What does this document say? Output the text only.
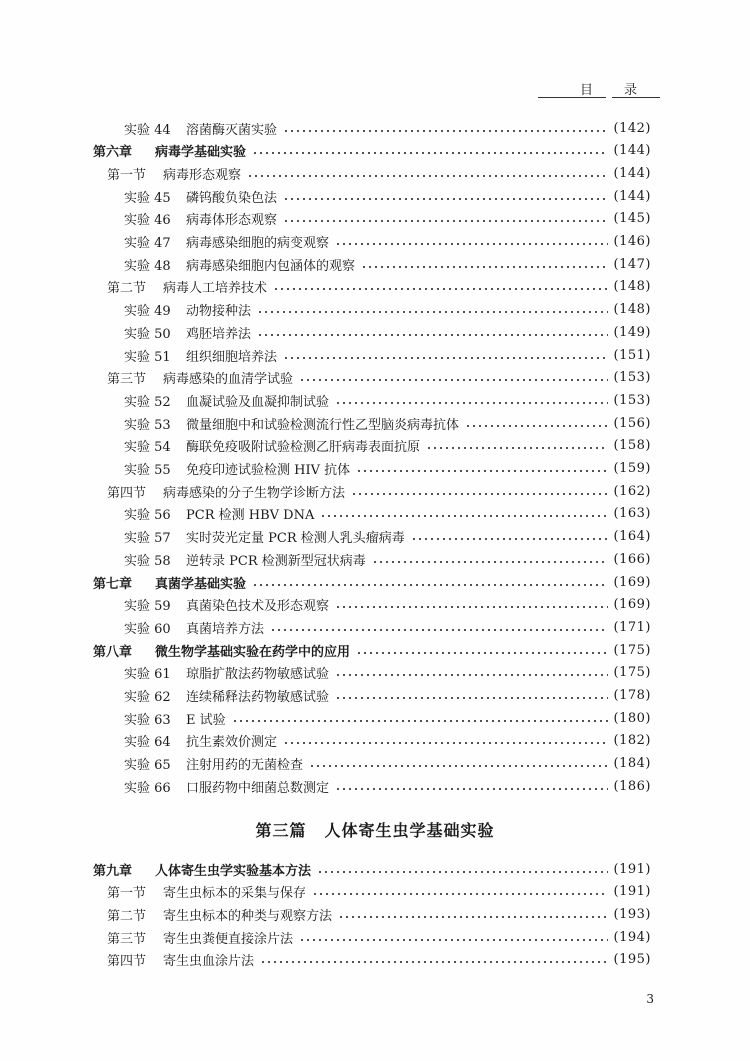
目　录
实验 44 溶菌酶灭菌实验	(142)
第六章 病毒学基础实验	(144)
第一节 病毒形态观察	(144)
实验 45 磷钨酸负染色法	(144)
实验 46 病毒体形态观察	(145)
实验 47 病毒感染细胞的病变观察	(146)
实验 48 病毒感染细胞内包涵体的观察	(147)
第二节 病毒人工培养技术	(148)
实验 49 动物接种法	(148)
实验 50 鸡胚培养法	(149)
实验 51 组织细胞培养法	(151)
第三节 病毒感染的血清学试验	(153)
实验 52 血凝试验及血凝抑制试验	(153)
实验 53 微量细胞中和试验检测流行性乙型脑炎病毒抗体	(156)
实验 54 酶联免疫吸附试验检测乙肝病毒表面抗原	(158)
实验 55 免疫印迹试验检测 HIV 抗体	(159)
第四节 病毒感染的分子生物学诊断方法	(162)
实验 56 PCR 检测 HBV DNA	(163)
实验 57 实时荧光定量 PCR 检测人乳头瘤病毒	(164)
实验 58 逆转录 PCR 检测新型冠状病毒	(166)
第七章 真菌学基础实验	(169)
实验 59 真菌染色技术及形态观察	(169)
实验 60 真菌培养方法	(171)
第八章 微生物学基础实验在药学中的应用	(175)
实验 61 琼脂扩散法药物敏感试验	(175)
实验 62 连续稀释法药物敏感试验	(178)
实验 63 E 试验	(180)
实验 64 抗生素效价测定	(182)
实验 65 注射用药的无菌检查	(184)
实验 66 口服药物中细菌总数测定	(186)
第三篇 人体寄生虫学基础实验
第九章 人体寄生虫学实验基本方法	(191)
第一节 寄生虫标本的采集与保存	(191)
第二节 寄生虫标本的种类与观察方法	(193)
第三节 寄生虫粪便直接涂片法	(194)
第四节 寄生虫血涂片法	(195)
3
